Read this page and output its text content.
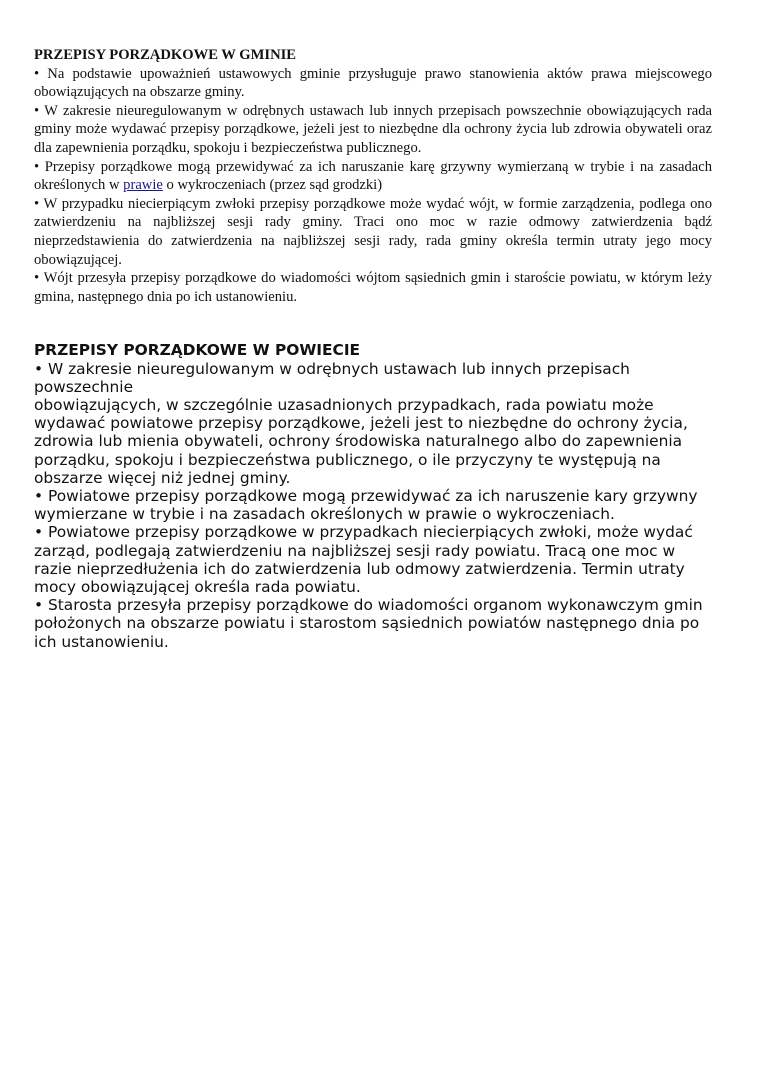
PRZEPISY PORZĄDKOWE W GMINIE

• Na podstawie upoważnień ustawowych gminie przysługuje prawo stanowienia aktów prawa miejscowego obowiązujących na obszarze gminy.

• W zakresie nieuregulowanym w odrębnych ustawach lub innych przepisach powszechnie obowiązujących rada gminy może wydawać przepisy porządkowe, jeżeli jest to niezbędne dla ochrony życia lub zdrowia obywateli oraz dla zapewnienia porządku, spokoju i bezpieczeństwa publicznego.

• Przepisy porządkowe mogą przewidywać za ich naruszanie karę grzywny wymierzaną w trybie i na zasadach określonych w prawie o wykroczeniach (przez sąd grodzki)

• W przypadku niecierpiącym zwłoki przepisy porządkowe może wydać wójt, w formie zarządzenia, podlega ono zatwierdzeniu na najbliższej sesji rady gminy. Traci ono moc w razie odmowy zatwierdzenia bądź nieprzedstawienia do zatwierdzenia na najbliższej sesji rady, rada gminy określa termin utraty jego mocy obowiązującej.

• Wójt przesyła przepisy porządkowe do wiadomości wójtom sąsiednich gmin i staroście powiatu, w którym leży gmina, następnego dnia po ich ustanowieniu.

PRZEPISY PORZĄDKOWE W POWIECIE

• W zakresie nieuregulowanym w odrębnych ustawach lub innych przepisach powszechnie

obowiązujących, w szczególnie uzasadnionych przypadkach, rada powiatu może wydawać powiatowe przepisy porządkowe, jeżeli jest to niezbędne do ochrony życia, zdrowia lub mienia obywateli, ochrony środowiska naturalnego albo do zapewnienia porządku, spokoju i bezpieczeństwa publicznego, o ile przyczyny te występują na obszarze więcej niż jednej gminy.

• Powiatowe przepisy porządkowe mogą przewidywać za ich naruszenie kary grzywny wymierzane w trybie i na zasadach określonych w prawie o wykroczeniach.

• Powiatowe przepisy porządkowe w przypadkach niecierpiących zwłoki, może wydać zarząd, podlegają zatwierdzeniu na najbliższej sesji rady powiatu. Tracą one moc w razie nieprzedłużenia ich do zatwierdzenia lub odmowy zatwierdzenia. Termin utraty mocy obowiązującej określa rada powiatu.

• Starosta przesyła przepisy porządkowe do wiadomości organom wykonawczym gmin położonych na obszarze powiatu i starostom sąsiednich powiatów następnego dnia po ich ustanowieniu.
